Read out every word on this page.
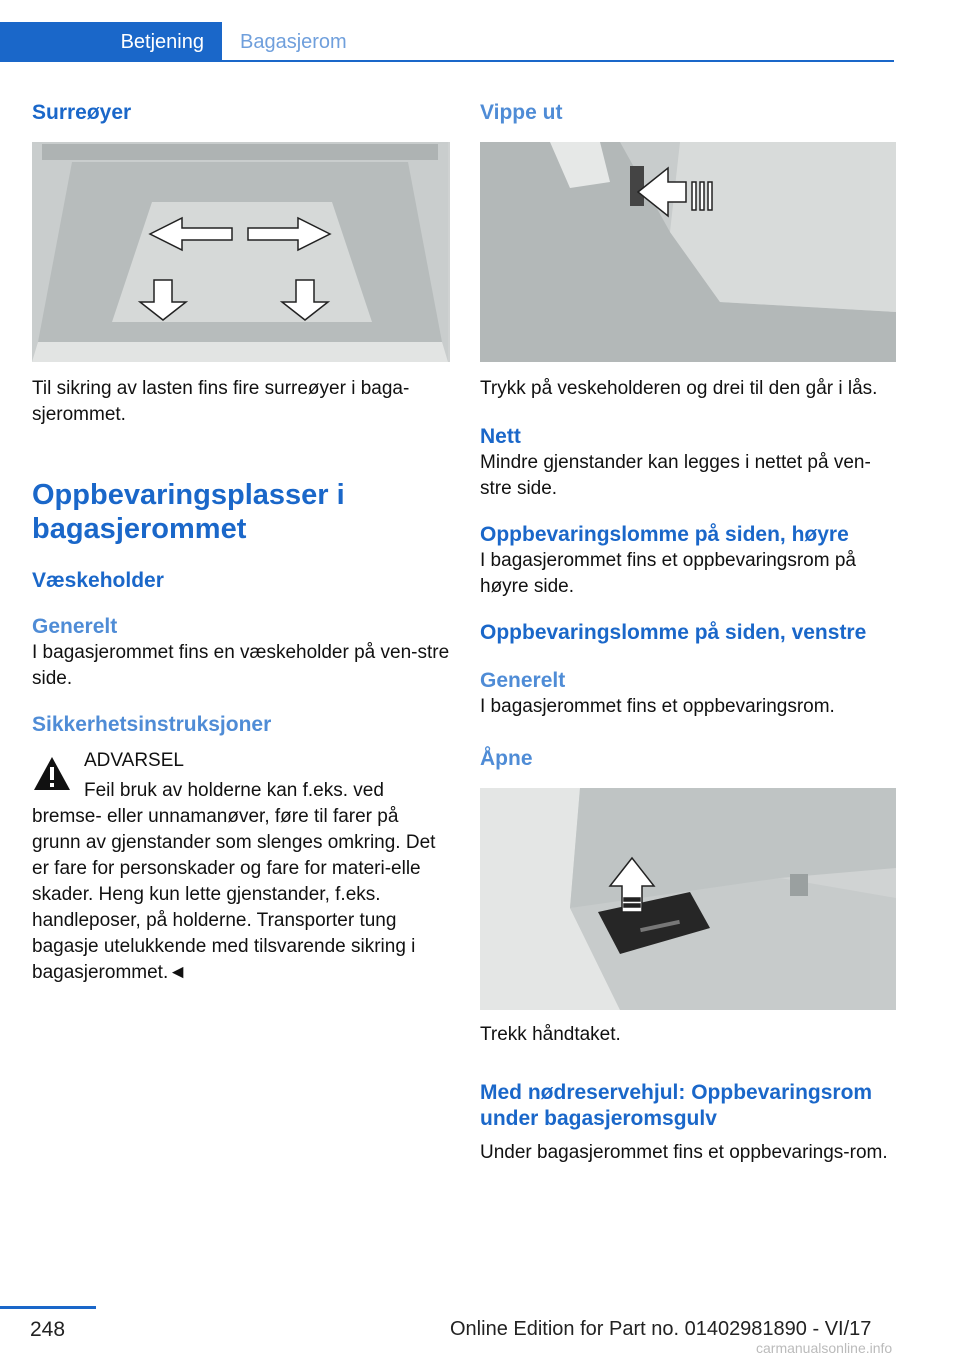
Betjening	Bagasjerom
Surreøyer

Til sikring av lasten fins fire surreøyer i baga-sjerommet.

Oppbevaringsplasser i bagasjerommet
Væskeholder
Generelt

I bagasjerommet fins en væskeholder på ven-stre side.

Sikkerhetsinstruksjoner
ADVARSEL
Feil bruk av holderne kan f.eks. ved

bremse- eller unnamanøver, føre til farer på grunn av gjenstander som slenges omkring. Det er fare for personskader og fare for materi-elle skader. Heng kun lette gjenstander, f.eks. handleposer, på holderne. Transporter tung bagasje utelukkende med tilsvarende sikring i bagasjerommet.◄

Vippe ut

Trykk på veskeholderen og drei til den går i lås.

Nett

Mindre gjenstander kan legges i nettet på ven-stre side.

Oppbevaringslomme på siden, høyre

I bagasjerommet fins et oppbevaringsrom på høyre side.

Oppbevaringslomme på siden, venstre
Generelt

I bagasjerommet fins et oppbevaringsrom.

Åpne

Trekk håndtaket.

Med nødreservehjul: Oppbevaringsrom under bagasjeromsgulv

Under bagasjerommet fins et oppbevarings-rom.

248	Online Edition for Part no. 01402981890 - VI/17
carmanualsonline.info
